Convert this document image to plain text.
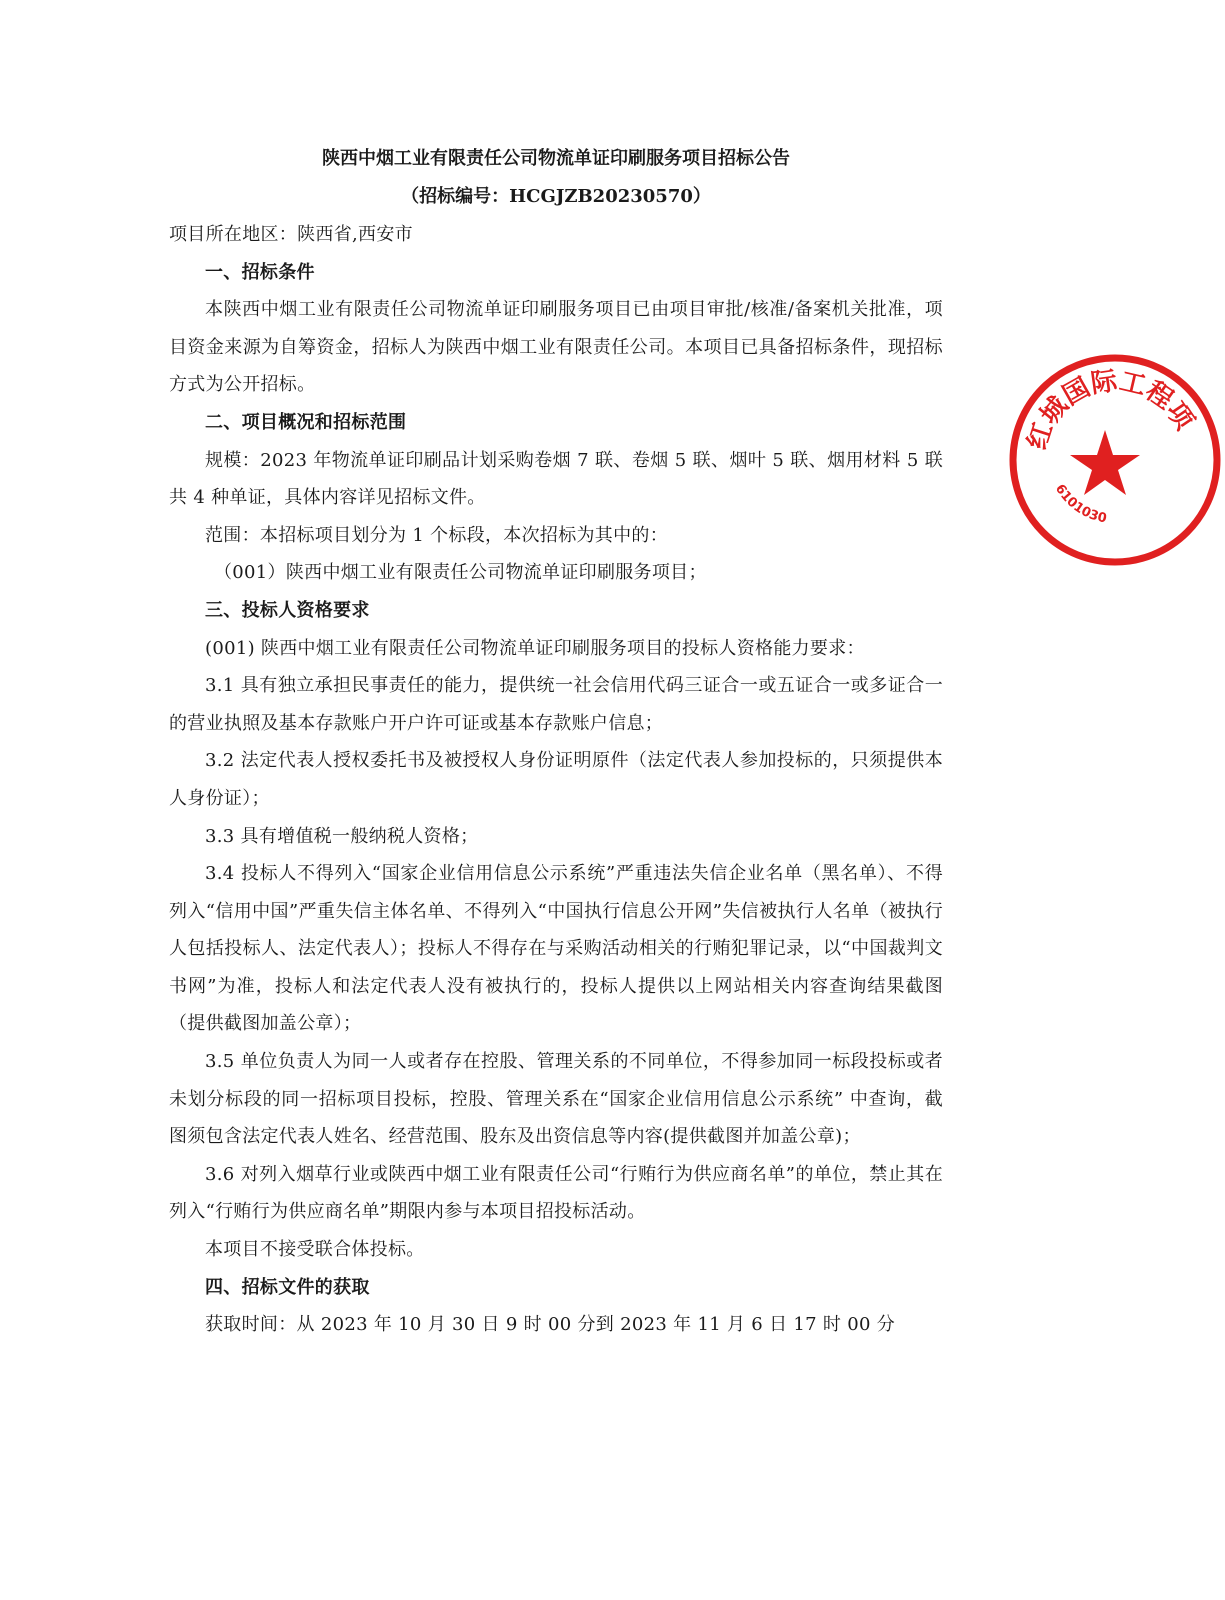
陕西中烟工业有限责任公司物流单证印刷服务项目招标公告
（招标编号：HCGJZB20230570）

项目所在地区：陕西省,西安市

一、招标条件

本陕西中烟工业有限责任公司物流单证印刷服务项目已由项目审批/核准/备案机关批准，项目资金来源为自筹资金，招标人为陕西中烟工业有限责任公司。本项目已具备招标条件，现招标方式为公开招标。

二、项目概况和招标范围

规模：2023 年物流单证印刷品计划采购卷烟 7 联、卷烟 5 联、烟叶 5 联、烟用材料 5 联共 4 种单证，具体内容详见招标文件。

范围：本招标项目划分为 1 个标段，本次招标为其中的：

（001）陕西中烟工业有限责任公司物流单证印刷服务项目；

三、投标人资格要求

(001) 陕西中烟工业有限责任公司物流单证印刷服务项目的投标人资格能力要求：

3.1 具有独立承担民事责任的能力，提供统一社会信用代码三证合一或五证合一或多证合一的营业执照及基本存款账户开户许可证或基本存款账户信息；

3.2 法定代表人授权委托书及被授权人身份证明原件（法定代表人参加投标的，只须提供本人身份证）；

3.3 具有增值税一般纳税人资格；

3.4 投标人不得列入“国家企业信用信息公示系统”严重违法失信企业名单（黑名单）、不得列入“信用中国”严重失信主体名单、不得列入“中国执行信息公开网”失信被执行人名单（被执行人包括投标人、法定代表人）；投标人不得存在与采购活动相关的行贿犯罪记录，以“中国裁判文书网”为准，投标人和法定代表人没有被执行的，投标人提供以上网站相关内容查询结果截图（提供截图加盖公章）；

3.5 单位负责人为同一人或者存在控股、管理关系的不同单位，不得参加同一标段投标或者未划分标段的同一招标项目投标，控股、管理关系在“国家企业信用信息公示系统” 中查询，截图须包含法定代表人姓名、经营范围、股东及出资信息等内容(提供截图并加盖公章)；

3.6 对列入烟草行业或陕西中烟工业有限责任公司“行贿行为供应商名单”的单位，禁止其在列入“行贿行为供应商名单”期限内参与本项目招投标活动。

本项目不接受联合体投标。

四、招标文件的获取

获取时间：从 2023 年 10 月 30 日 9 时 00 分到 2023 年 11 月 6 日 17 时 00 分

红城国际工程项
6101030
